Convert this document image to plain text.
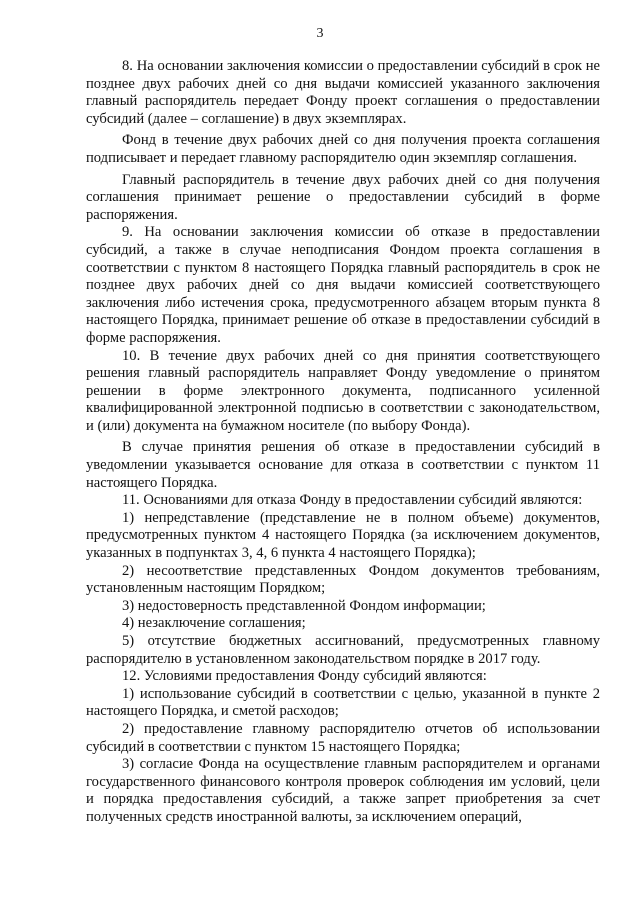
3

8. На основании заключения комиссии о предоставлении субсидий в срок не позднее двух рабочих дней со дня выдачи комиссией указанного заключения главный распорядитель передает Фонду проект соглашения о предоставлении субсидий (далее – соглашение) в двух экземплярах.

Фонд в течение двух рабочих дней со дня получения проекта соглашения подписывает и передает главному распорядителю один экземпляр соглашения.

Главный распорядитель в течение двух рабочих дней со дня получения соглашения принимает решение о предоставлении субсидий в форме распоряжения.

9. На основании заключения комиссии об отказе в предоставлении субсидий, а также в случае неподписания Фондом проекта соглашения в соответствии с пунктом 8 настоящего Порядка главный распорядитель в срок не позднее двух рабочих дней со дня выдачи комиссией соответствующего заключения либо истечения срока, предусмотренного абзацем вторым пункта 8 настоящего Порядка, принимает решение об отказе в предоставлении субсидий в форме распоряжения.

10. В течение двух рабочих дней со дня принятия соответствующего решения главный распорядитель направляет Фонду уведомление о принятом решении в форме электронного документа, подписанного усиленной квалифицированной электронной подписью в соответствии с законодательством, и (или) документа на бумажном носителе (по выбору Фонда).

В случае принятия решения об отказе в предоставлении субсидий в уведомлении указывается основание для отказа в соответствии с пунктом 11 настоящего Порядка.

11. Основаниями для отказа Фонду в предоставлении субсидий являются:

1) непредставление (представление не в полном объеме) документов, предусмотренных пунктом 4 настоящего Порядка (за исключением документов, указанных в подпунктах 3, 4, 6 пункта 4 настоящего Порядка);

2) несоответствие представленных Фондом документов требованиям, установленным настоящим Порядком;

3) недостоверность представленной Фондом информации;

4) незаключение соглашения;

5) отсутствие бюджетных ассигнований, предусмотренных главному распорядителю в установленном законодательством порядке в 2017 году.

12. Условиями предоставления Фонду субсидий являются:

1) использование субсидий в соответствии с целью, указанной в пункте 2 настоящего Порядка, и сметой расходов;

2) предоставление главному распорядителю отчетов об использовании субсидий в соответствии с пунктом 15 настоящего Порядка;

3) согласие Фонда на осуществление главным распорядителем и органами государственного финансового контроля проверок соблюдения им условий, цели и порядка предоставления субсидий, а также запрет приобретения за счет полученных средств иностранной валюты, за исключением операций,
